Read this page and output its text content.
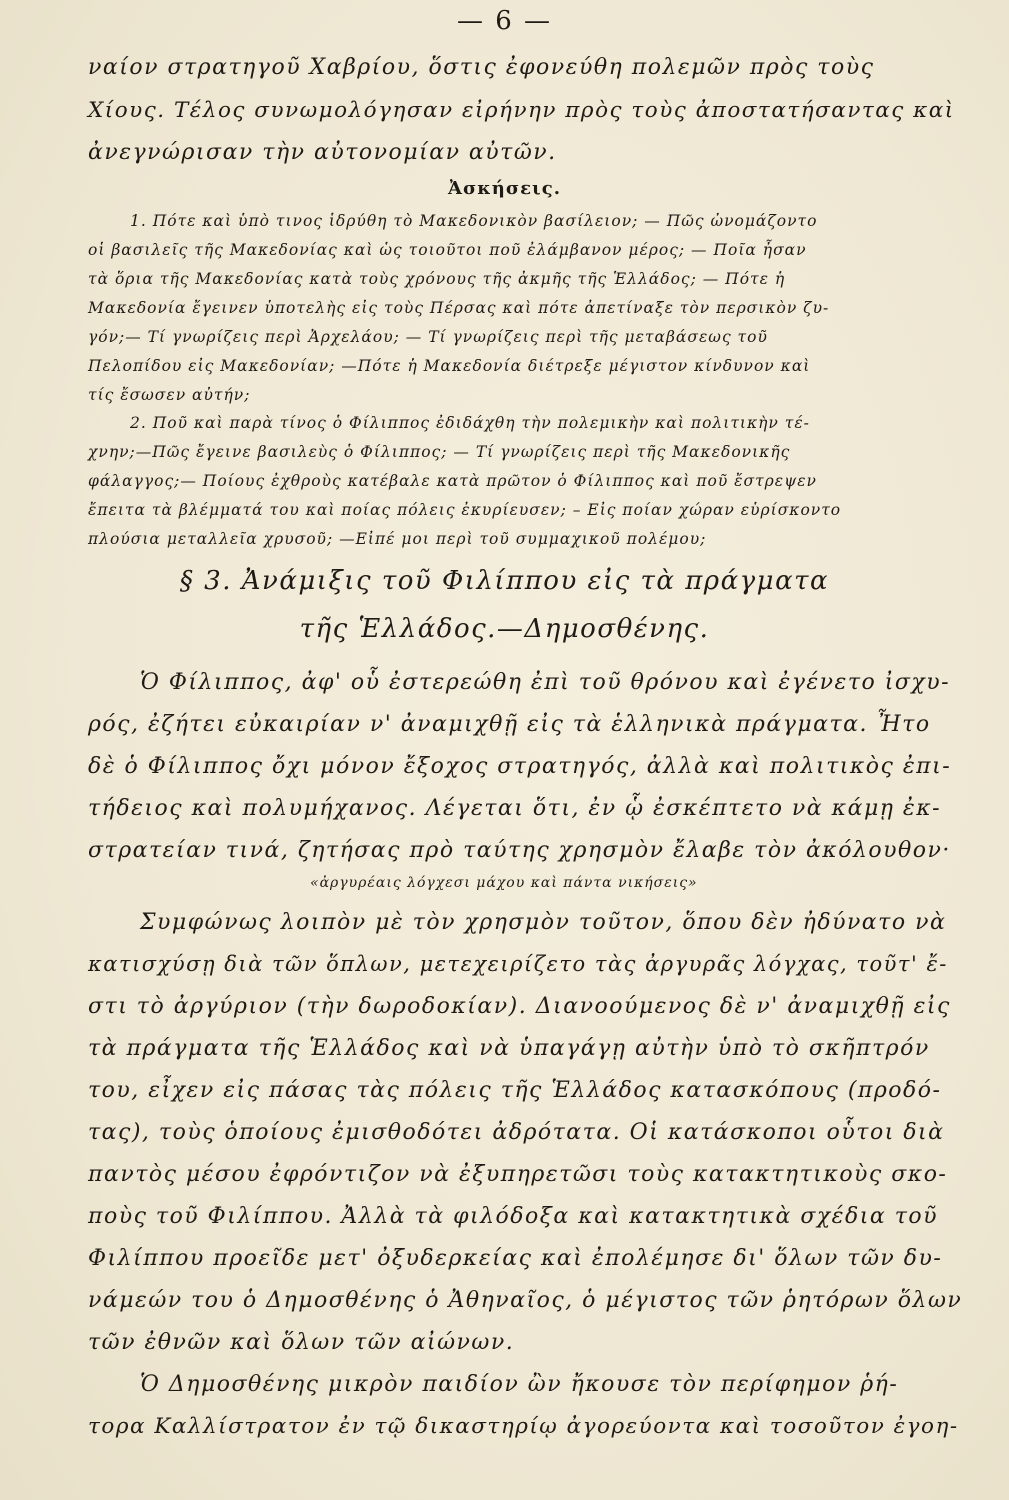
— 6 —
ναίον στρατηγοῦ Χαβρίου, ὅστις ἐφονεύθη πολεμῶν πρὸς τοὺς
Χίους. Τέλος συνωμολόγησαν εἰρήνην πρὸς τοὺς ἀποστατήσαντας καὶ
ἀνεγνώρισαν τὴν αὐτονομίαν αὐτῶν.
Ἀσκήσεις.
1. Πότε καὶ ὑπὸ τινος ἱδρύθη τὸ Μακεδονικὸν βασίλειον; — Πῶς ὠνομάζοντο
οἱ βασιλεῖς τῆς Μακεδονίας καὶ ὡς τοιοῦτοι ποῦ ἐλάμβανον μέρος; — Ποῖα ἦσαν
τὰ ὅρια τῆς Μακεδονίας κατὰ τοὺς χρόνους τῆς ἀκμῆς τῆς Ἑλλάδος; — Πότε ἡ
Μακεδονία ἔγεινεν ὑποτελὴς εἰς τοὺς Πέρσας καὶ πότε ἀπετίναξε τὸν περσικὸν ζυ-
γόν;— Τί γνωρίζεις περὶ Ἀρχελάου; — Τί γνωρίζεις περὶ τῆς μεταβάσεως τοῦ
Πελοπίδου εἰς Μακεδονίαν; —Πότε ἡ Μακεδονία διέτρεξε μέγιστον κίνδυνον καὶ
τίς ἔσωσεν αὐτήν;
2. Ποῦ καὶ παρὰ τίνος ὁ Φίλιππος ἐδιδάχθη τὴν πολεμικὴν καὶ πολιτικὴν τέ-
χνην;—Πῶς ἔγεινε βασιλεὺς ὁ Φίλιππος; — Τί γνωρίζεις περὶ τῆς Μακεδονικῆς
φάλαγγος;— Ποίους ἐχθροὺς κατέβαλε κατὰ πρῶτον ὁ Φίλιππος καὶ ποῦ ἔστρεψεν
ἔπειτα τὰ βλέμματά του καὶ ποίας πόλεις ἐκυρίευσεν; – Εἰς ποίαν χώραν εὑρίσκοντο
πλούσια μεταλλεῖα χρυσοῦ; —Εἰπέ μοι περὶ τοῦ συμμαχικοῦ πολέμου;
§ 3. Ἀνάμιξις τοῦ Φιλίππου εἰς τὰ πράγματα
τῆς Ἑλλάδος.—Δημοσθένης.
Ὁ Φίλιππος, ἀφ' οὗ ἐστερεώθη ἐπὶ τοῦ θρόνου καὶ ἐγένετο ἰσχυ-
ρός, ἐζήτει εὐκαιρίαν ν' ἀναμιχθῇ εἰς τὰ ἑλληνικὰ πράγματα. Ἦτο
δὲ ὁ Φίλιππος ὄχι μόνον ἔξοχος στρατηγός, ἀλλὰ καὶ πολιτικὸς ἐπι-
τήδειος καὶ πολυμήχανος. Λέγεται ὅτι, ἐν ᾧ ἐσκέπτετο νὰ κάμῃ ἐκ-
στρατείαν τινά, ζητήσας πρὸ ταύτης χρησμὸν ἔλαβε τὸν ἀκόλουθον·
«ἀργυρέαις λόγχεσι μάχου καὶ πάντα νικήσεις»
Συμφώνως λοιπὸν μὲ τὸν χρησμὸν τοῦτον, ὅπου δὲν ἠδύνατο νὰ
κατισχύσῃ διὰ τῶν ὅπλων, μετεχειρίζετο τὰς ἀργυρᾶς λόγχας, τοῦτ' ἔ-
στι τὸ ἀργύριον (τὴν δωροδοκίαν). Διανοούμενος δὲ ν' ἀναμιχθῇ εἰς
τὰ πράγματα τῆς Ἑλλάδος καὶ νὰ ὑπαγάγῃ αὐτὴν ὑπὸ τὸ σκῆπτρόν
του, εἶχεν εἰς πάσας τὰς πόλεις τῆς Ἑλλάδος κατασκόπους (προδό-
τας), τοὺς ὁποίους ἐμισθοδότει ἀδρότατα. Οἱ κατάσκοποι οὗτοι διὰ
παντὸς μέσου ἐφρόντιζον νὰ ἐξυπηρετῶσι τοὺς κατακτητικοὺς σκο-
ποὺς τοῦ Φιλίππου. Ἀλλὰ τὰ φιλόδοξα καὶ κατακτητικὰ σχέδια τοῦ
Φιλίππου προεῖδε μετ' ὀξυδερκείας καὶ ἐπολέμησε δι' ὅλων τῶν δυ-
νάμεών του ὁ Δημοσθένης ὁ Ἀθηναῖος, ὁ μέγιστος τῶν ῥητόρων ὅλων
τῶν ἐθνῶν καὶ ὅλων τῶν αἰώνων.
Ὁ Δημοσθένης μικρὸν παιδίον ὢν ἤκουσε τὸν περίφημον ῥή-
τορα Καλλίστρατον ἐν τῷ δικαστηρίῳ ἀγορεύοντα καὶ τοσοῦτον ἐγοη-
